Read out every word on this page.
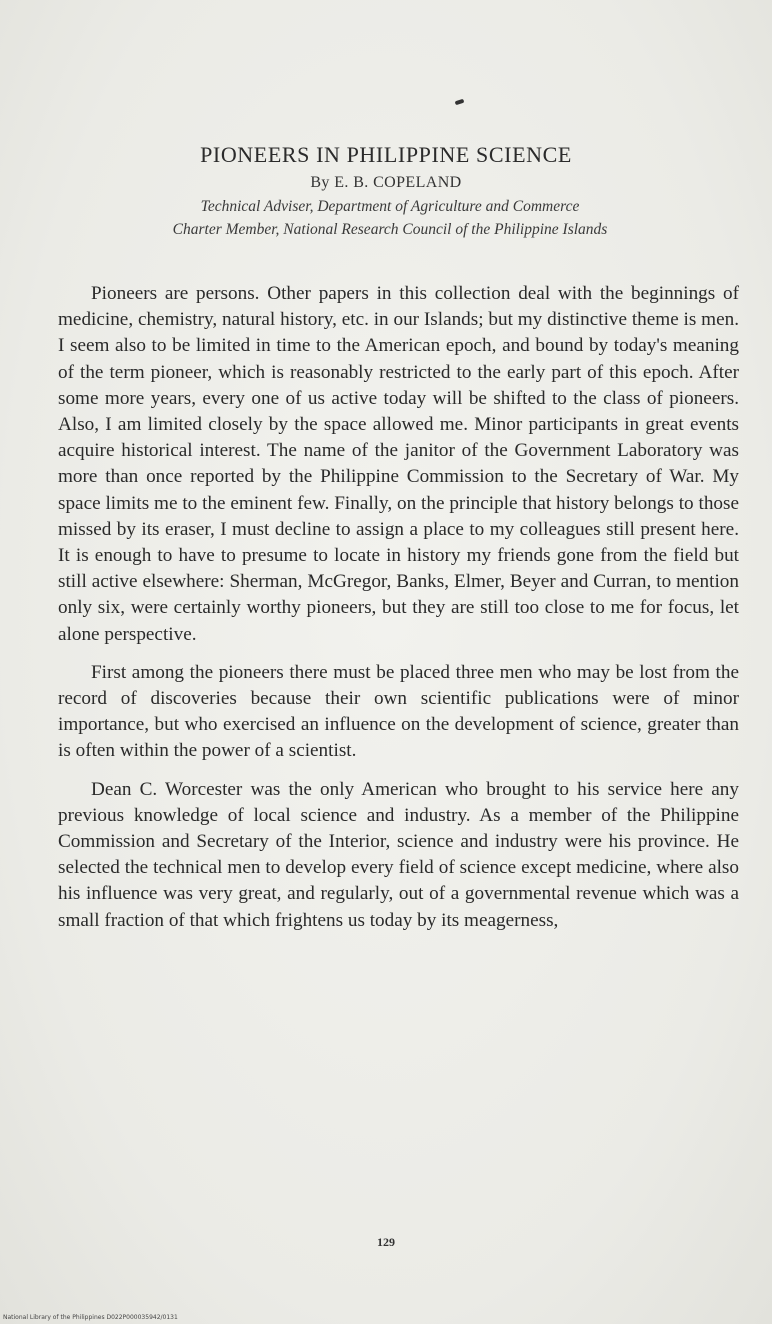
PIONEERS IN PHILIPPINE SCIENCE
By E. B. COPELAND
Technical Adviser, Department of Agriculture and Commerce
Charter Member, National Research Council of the Philippine Islands

Pioneers are persons. Other papers in this collection deal with the beginnings of medicine, chemistry, natural history, etc. in our Islands; but my distinctive theme is men. I seem also to be limited in time to the American epoch, and bound by today's meaning of the term pioneer, which is reasonably restricted to the early part of this epoch. After some more years, every one of us active today will be shifted to the class of pioneers. Also, I am limited closely by the space allowed me. Minor participants in great events acquire historical interest. The name of the janitor of the Government Laboratory was more than once reported by the Philippine Commission to the Secretary of War. My space limits me to the eminent few. Finally, on the principle that history belongs to those missed by its eraser, I must decline to assign a place to my colleagues still present here. It is enough to have to presume to locate in history my friends gone from the field but still active elsewhere: Sherman, McGregor, Banks, Elmer, Beyer and Curran, to mention only six, were certainly worthy pioneers, but they are still too close to me for focus, let alone perspective.

First among the pioneers there must be placed three men who may be lost from the record of discoveries because their own scientific publications were of minor importance, but who exercised an influence on the development of science, greater than is often within the power of a scientist.

Dean C. Worcester was the only American who brought to his service here any previous knowledge of local science and industry. As a member of the Philippine Commission and Secretary of the Interior, science and industry were his province. He selected the technical men to develop every field of science except medicine, where also his influence was very great, and regularly, out of a governmental revenue which was a small fraction of that which frightens us today by its meagerness,

129
National Library of the Philippines D022P000035942/0131
